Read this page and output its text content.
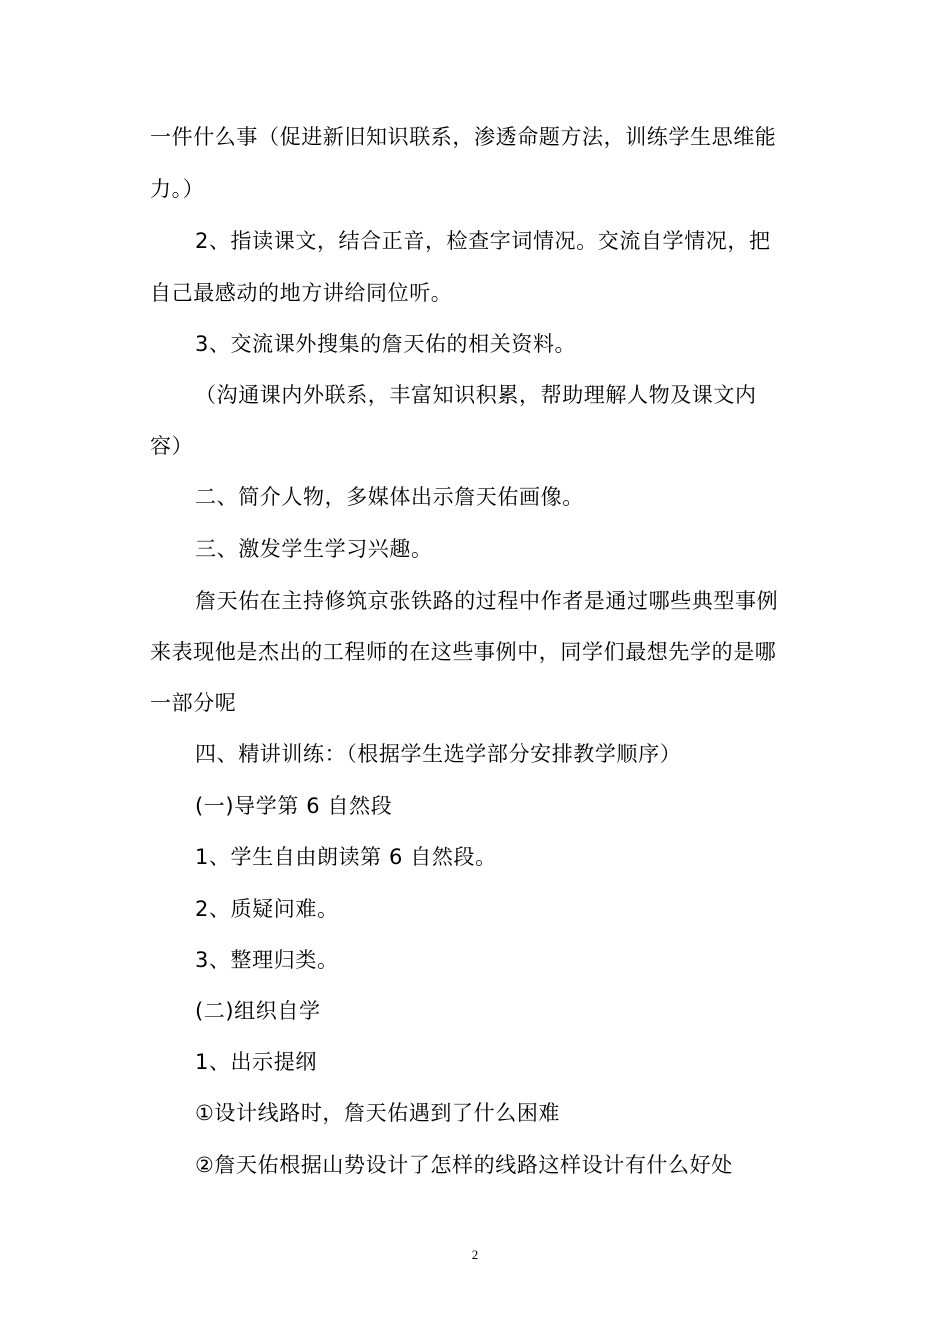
一件什么事（促进新旧知识联系，渗透命题方法，训练学生思维能
力。）
2、指读课文，结合正音，检查字词情况。交流自学情况，把
自己最感动的地方讲给同位听。
3、交流课外搜集的詹天佑的相关资料。
（沟通课内外联系，丰富知识积累，帮助理解人物及课文内
容）
二、简介人物，多媒体出示詹天佑画像。
三、激发学生学习兴趣。
詹天佑在主持修筑京张铁路的过程中作者是通过哪些典型事例
来表现他是杰出的工程师的在这些事例中，同学们最想先学的是哪
一部分呢
四、精讲训练：（根据学生选学部分安排教学顺序）
(一)导学第 6 自然段
1、学生自由朗读第 6 自然段。
2、质疑问难。
3、整理归类。
(二)组织自学
1、出示提纲
①设计线路时，詹天佑遇到了什么困难
②詹天佑根据山势设计了怎样的线路这样设计有什么好处
2
